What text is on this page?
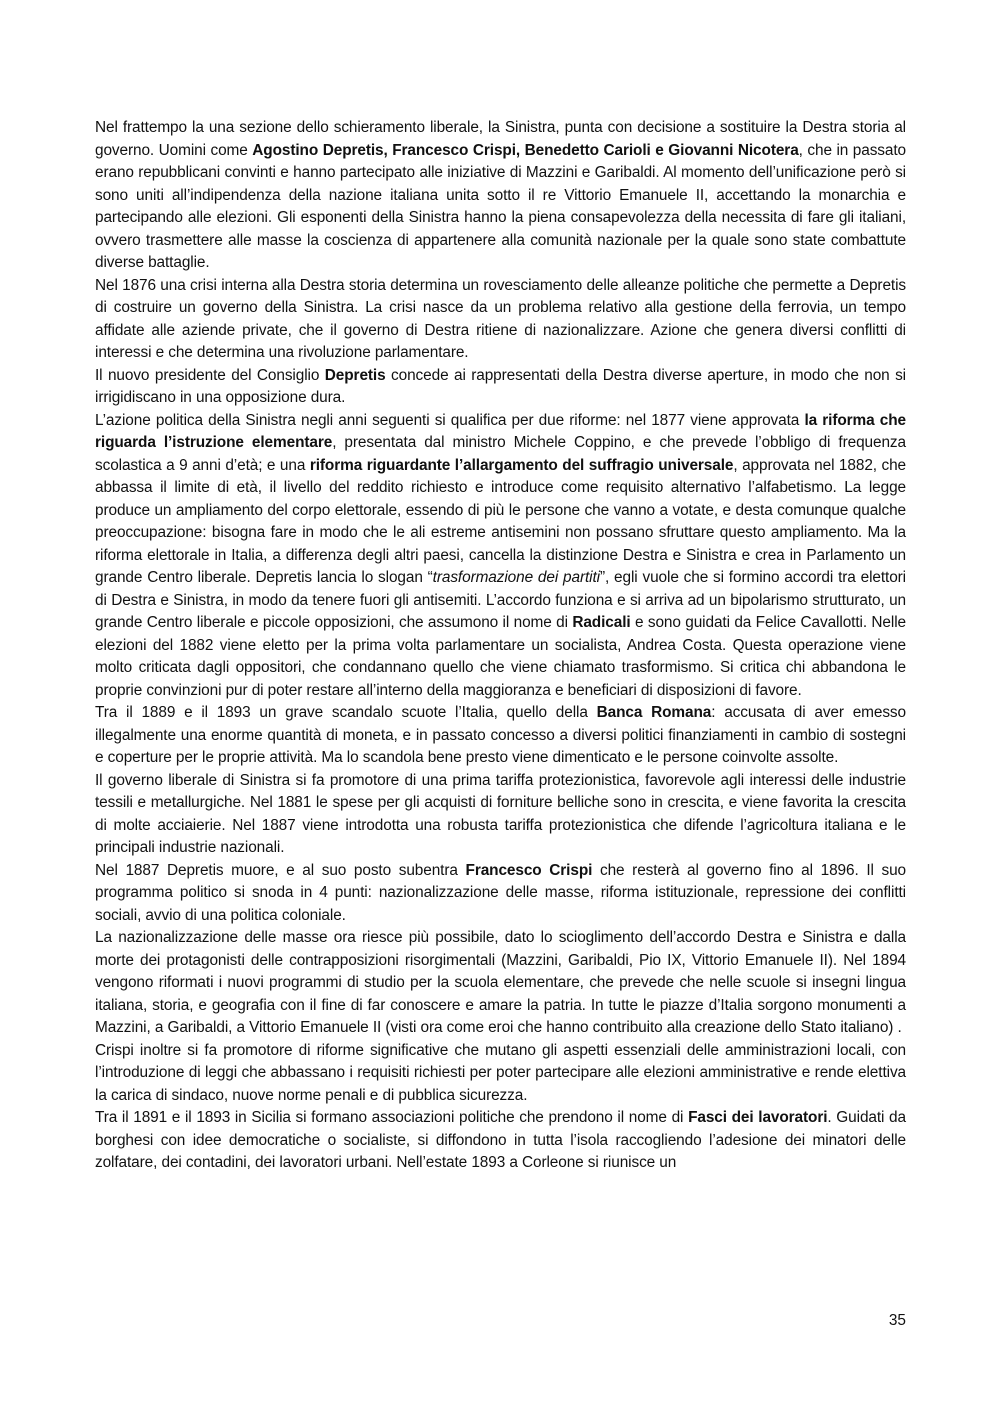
Nel frattempo la una sezione dello schieramento liberale, la Sinistra, punta con decisione a sostituire la Destra storia al governo. Uomini come Agostino Depretis, Francesco Crispi, Benedetto Carioli e Giovanni Nicotera, che in passato erano repubblicani convinti e hanno partecipato alle iniziative di Mazzini e Garibaldi. Al momento dell’unificazione però si sono uniti all’indipendenza della nazione italiana unita sotto il re Vittorio Emanuele II, accettando la monarchia e partecipando alle elezioni. Gli esponenti della Sinistra hanno la piena consapevolezza della necessita di fare gli italiani, ovvero trasmettere alle masse la coscienza di appartenere alla comunità nazionale per la quale sono state combattute diverse battaglie.

Nel 1876 una crisi interna alla Destra storia determina un rovesciamento delle alleanze politiche che permette a Depretis di costruire un governo della Sinistra. La crisi nasce da un problema relativo alla gestione della ferrovia, un tempo affidate alle aziende private, che il governo di Destra ritiene di nazionalizzare. Azione che genera diversi conflitti di interessi e che determina una rivoluzione parlamentare.

Il nuovo presidente del Consiglio Depretis concede ai rappresentati della Destra diverse aperture, in modo che non si irrigidiscano in una opposizione dura.

L’azione politica della Sinistra negli anni seguenti si qualifica per due riforme: nel 1877 viene approvata la riforma che riguarda l’istruzione elementare, presentata dal ministro Michele Coppino, e che prevede l’obbligo di frequenza scolastica a 9 anni d’età; e una riforma riguardante l’allargamento del suffragio universale, approvata nel 1882, che abbassa il limite di età, il livello del reddito richiesto e introduce come requisito alternativo l’alfabetismo. La legge produce un ampliamento del corpo elettorale, essendo di più le persone che vanno a votate, e desta comunque qualche preoccupazione: bisogna fare in modo che le ali estreme antisemini non possano sfruttare questo ampliamento. Ma la riforma elettorale in Italia, a differenza degli altri paesi, cancella la distinzione Destra e Sinistra e crea in Parlamento un grande Centro liberale. Depretis lancia lo slogan “trasformazione dei partiti”, egli vuole che si formino accordi tra elettori di Destra e Sinistra, in modo da tenere fuori gli antisemiti. L’accordo funziona e si arriva ad un bipolarismo strutturato, un grande Centro liberale e piccole opposizioni, che assumono il nome di Radicali e sono guidati da Felice Cavallotti. Nelle elezioni del 1882 viene eletto per la prima volta parlamentare un socialista, Andrea Costa. Questa operazione viene molto criticata dagli oppositori, che condannano quello che viene chiamato trasformismo. Si critica chi abbandona le proprie convinzioni pur di poter restare all’interno della maggioranza e beneficiari di disposizioni di favore.

Tra il 1889 e il 1893 un grave scandalo scuote l’Italia, quello della Banca Romana: accusata di aver emesso illegalmente una enorme quantità di moneta, e in passato concesso a diversi politici finanziamenti in cambio di sostegni e coperture per le proprie attività. Ma lo scandola bene presto viene dimenticato e le persone coinvolte assolte.

Il governo liberale di Sinistra si fa promotore di una prima tariffa protezionistica, favorevole agli interessi delle industrie tessili e metallurgiche. Nel 1881 le spese per gli acquisti di forniture belliche sono in crescita, e viene favorita la crescita di molte acciaierie. Nel 1887 viene introdotta una robusta tariffa protezionistica che difende l’agricoltura italiana e le principali industrie nazionali.

Nel 1887 Depretis muore, e al suo posto subentra Francesco Crispi che resterà al governo fino al 1896. Il suo programma politico si snoda in 4 punti: nazionalizzazione delle masse, riforma istituzionale, repressione dei conflitti sociali, avvio di una politica coloniale.

La nazionalizzazione delle masse ora riesce più possibile, dato lo scioglimento dell’accordo Destra e Sinistra e dalla morte dei protagonisti delle contrapposizioni risorgimentali (Mazzini, Garibaldi, Pio IX, Vittorio Emanuele II). Nel 1894 vengono riformati i nuovi programmi di studio per la scuola elementare, che prevede che nelle scuole si insegni lingua italiana, storia, e geografia con il fine di far conoscere e amare la patria. In tutte le piazze d’Italia sorgono monumenti a Mazzini, a Garibaldi, a Vittorio Emanuele II (visti ora come eroi che hanno contribuito alla creazione dello Stato italiano) .

Crispi inoltre si fa promotore di riforme significative che mutano gli aspetti essenziali delle amministrazioni locali, con l’introduzione di leggi che abbassano i requisiti richiesti per poter partecipare alle elezioni amministrative e rende elettiva la carica di sindaco, nuove norme penali e di pubblica sicurezza.

Tra il 1891 e il 1893 in Sicilia si formano associazioni politiche che prendono il nome di Fasci dei lavoratori. Guidati da borghesi con idee democratiche o socialiste, si diffondono in tutta l’isola raccogliendo l’adesione dei minatori delle zolfatare, dei contadini, dei lavoratori urbani. Nell’estate 1893 a Corleone si riunisce un

35
